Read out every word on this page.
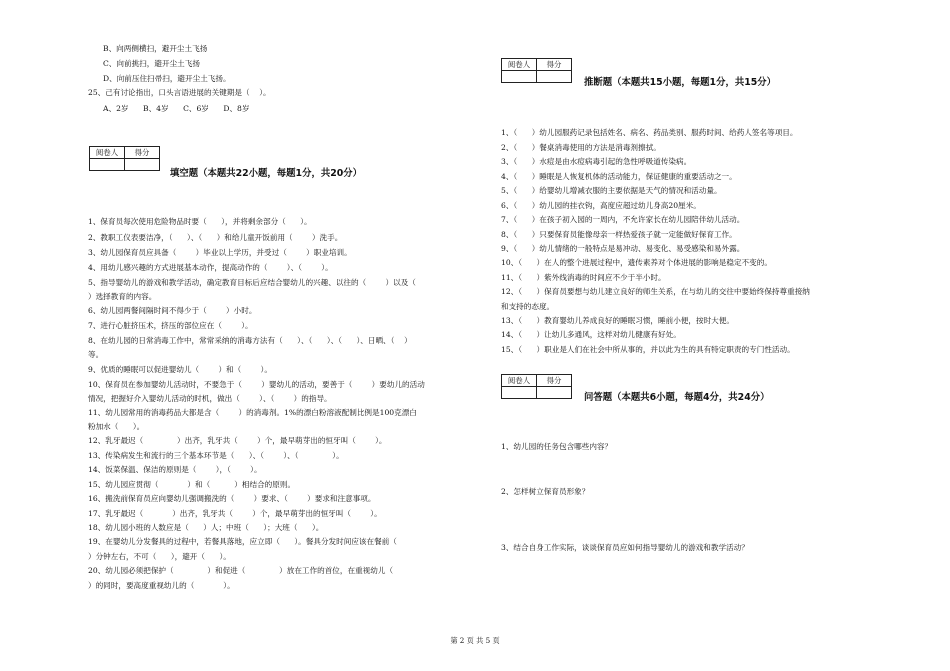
B、向两侧横扫，避开尘土飞扬
C、向前挑扫，避开尘土飞扬
D、向前压住扫帚扫，避开尘土飞扬。
25、己有讨论指出，口头言语进展的关键期是（    ）。
A、2岁      B、4岁      C、6岁      D、8岁
阅卷人	得分

填空题（本题共22小题，每题1分，共20分）
1、保育员每次使用危险物品时要（      ），并将剩余部分（      ）。
2、教职工仪表要洁净，（      ）、（      ）和给儿童开饭前用（        ）洗手。
3、幼儿园保育员应具备（        ）毕业以上学历，并受过（        ）职业培训。
4、用幼儿感兴趣的方式进展基本动作，提高动作的（        ）、（        ）。
5、指导婴幼儿的游戏和教学活动，确定教育目标后应结合婴幼儿的兴趣、以往的（        ）以及（
）选择教育的内容。
6、幼儿园两餐间隔时间不得少于（        ）小时。
7、进行心脏挤压术，挤压的部位应在（        ）。
8、在幼儿园的日常消毒工作中，常常采纳的消毒方法有（      ）、（      ）、（      ）、日晒、（    ）
等。
9、优质的睡眠可以促进婴幼儿（        ）和（        ）。
10、保育员在参加婴幼儿活动时，不要急于（        ）婴幼儿的活动，要善于（        ）要幼儿的活动
情况，把握好介入婴幼儿活动的时机，做出（        ）、（        ）的指导。
11、幼儿园常用的消毒药品大都是含（        ）的消毒剂。1%的漂白粉溶液配制比例是100克漂白
粉加水（      ）。
12、乳牙最迟（              ）出齐，乳牙共（        ）个，最早萌芽出的恒牙叫（        ）。
13、传染病发生和流行的三个基本环节是（      ）、（        ）、（              ）。
14、饭菜保温、保洁的原则是（        ），（        ）。
15、幼儿园应贯彻（            ）和（          ）相结合的原则。
16、搬洗前保育员应向婴幼儿强调搬洗的（        ）要求、（        ）要求和注意事项。
17、乳牙最迟（            ）出齐，乳牙共（        ）个，最早萌芽出的恒牙叫（        ）。
18、幼儿园小班的人数应是（      ）人；中班（      ）；大班（      ）。
19、在婴幼儿分发餐具的过程中，若餐具落地，应立即（      ）。餐具分发时间应该在餐前（
）分钟左右，不可（      ），避开（      ）。
20、幼儿园必须把保护（              ）和促进（              ）放在工作的首位，在重视幼儿（
）的同时，要高度重视幼儿的（            ）。
阅卷人	得分

推断题（本题共15小题，每题1分，共15分）
1、（      ）幼儿园服药记录包括姓名、病名、药品类别、服药时间、给药人签名等项目。
2、（      ）餐桌消毒使用的方法是消毒剂擦拭。
3、（      ）水痘是由水痘病毒引起的急性呼吸道传染病。
4、（      ）睡眠是人恢复机体的活动能力，保证健康的重要活动之一。
5、（      ）给婴幼儿增减衣服的主要依据是天气的情况和活动量。
6、（      ）幼儿园的挂衣钩，高度应超过幼儿身高20厘米。
7、（      ）在孩子初入园的一周内，不允许家长在幼儿园陪伴幼儿活动。
8、（      ）只要保育员能像母亲一样热爱孩子就一定能做好保育工作。
9、（      ）幼儿情绪的一般特点是易冲动、易变化、易受感染和易外露。
10、（      ）在人的整个进展过程中，遗传素养对个体进展的影响是稳定不变的。
11、（      ）紫外线消毒的时间应不少于半小时。
12、（      ）保育员要想与幼儿建立良好的师生关系，在与幼儿的交往中要始终保持尊重接纳
和支持的态度。
13、（      ）教育婴幼儿养成良好的睡眠习惯，睡前小便，按时大便。
14、（      ）让幼儿多通风，这样对幼儿健康有好处。
15、（      ）职业是人们在社会中所从事的，并以此为生的具有特定职责的专门性活动。
阅卷人	得分

问答题（本题共6小题，每题4分，共24分）
1、幼儿园的任务包含哪些内容？
2、怎样树立保育员形象？
3、结合自身工作实际，谈谈保育员应如何指导婴幼儿的游戏和教学活动？
第 2 页 共 5 页
